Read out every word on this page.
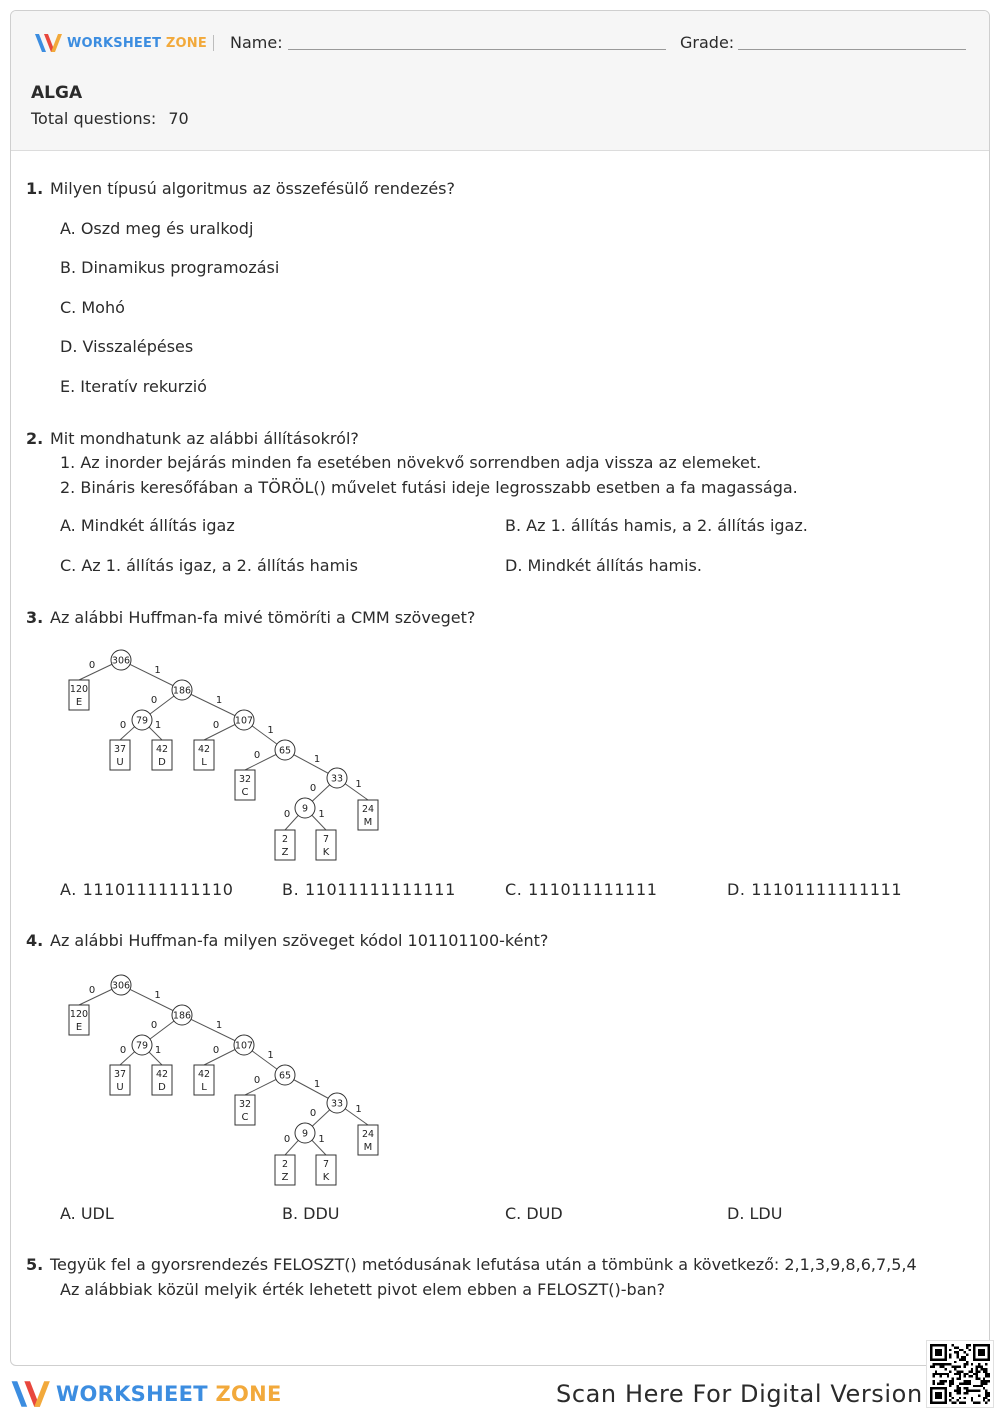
WORKSHEET ZONE Name:	Grade:
ALGA
Total questions: 70
1. Milyen típusú algoritmus az összefésülő rendezés?
A. Oszd meg és uralkodj
B. Dinamikus programozási
C. Mohó
D. Visszalépéses
E. Iteratív rekurzió
2. Mit mondhatunk az alábbi állításokról?
1. Az inorder bejárás minden fa esetében növekvő sorrendben adja vissza az elemeket.
2. Bináris keresőfában a TÖRÖL() művelet futási ideje legrosszabb esetben a fa magassága.
A. Mindkét állítás igaz	B. Az 1. állítás hamis, a 2. állítás igaz.
C. Az 1. állítás igaz, a 2. állítás hamis	D. Mindkét állítás hamis.
3. Az alábbi Huffman-fa mivé tömöríti a CMM szöveget?
0	1
0	1
0	1	0	1
0	1
0	1
0	1
306
186
79	107
65
33
9
120
E
37
U
42
D
42
L
32
C
24
M
2
Z
7
K
A. 11101111111110	B. 11011111111111	C. 111011111111	D. 11101111111111
4. Az alábbi Huffman-fa milyen szöveget kódol 101101100-ként?
0	1
0	1
0	1	0	1
0	1
0	1
0	1
306
186
79	107
65
33
9
120
E
37
U
42
D
42
L
32
C
24
M
2
Z
7
K
A. UDL	B. DDU	C. DUD	D. LDU
5. Tegyük fel a gyorsrendezés FELOSZT() metódusának lefutása után a tömbünk a következő: 2,1,3,9,8,6,7,5,4
Az alábbiak közül melyik érték lehetett pivot elem ebben a FELOSZT()-ban?
WORKSHEET ZONE	Scan Here For Digital Version
